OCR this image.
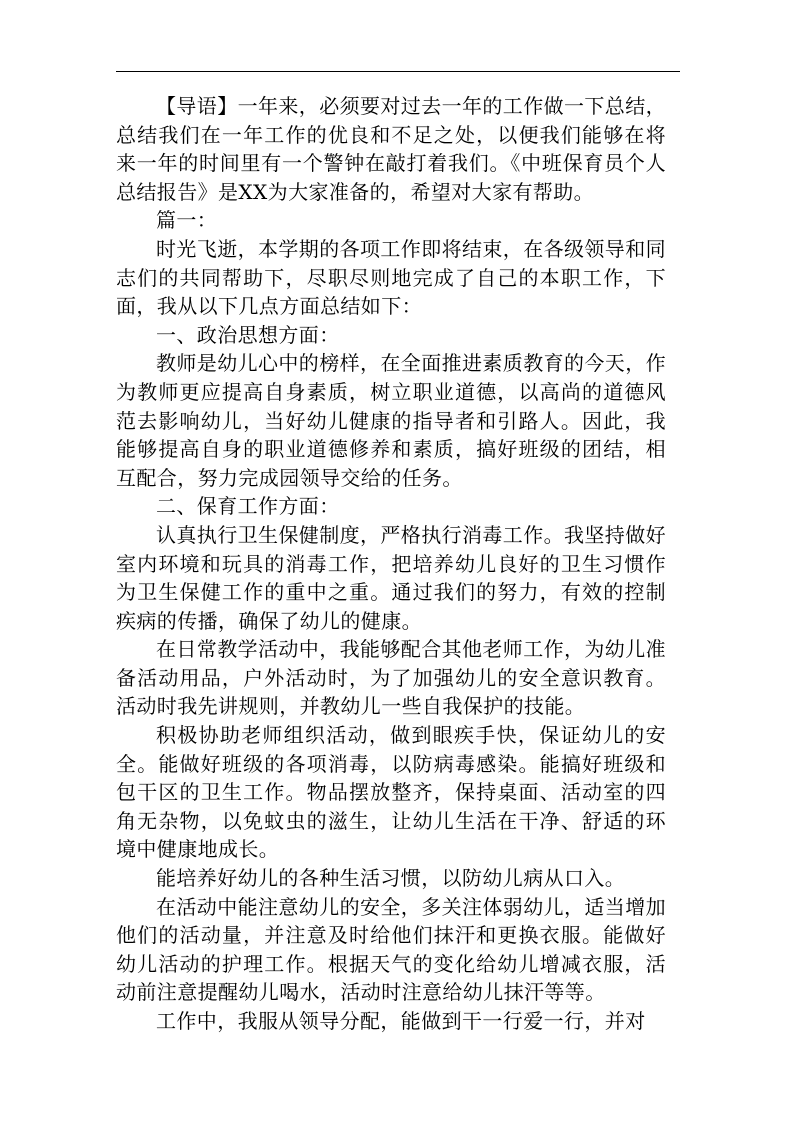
【导语】一年来，必须要对过去一年的工作做一下总结，总结我们在一年工作的优良和不足之处，以便我们能够在将来一年的时间里有一个警钟在敲打着我们。《中班保育员个人总结报告》是XX为大家准备的，希望对大家有帮助。

篇一：

时光飞逝，本学期的各项工作即将结束，在各级领导和同志们的共同帮助下，尽职尽则地完成了自己的本职工作，下面，我从以下几点方面总结如下：

一、政治思想方面：

教师是幼儿心中的榜样，在全面推进素质教育的今天，作为教师更应提高自身素质，树立职业道德，以高尚的道德风范去影响幼儿，当好幼儿健康的指导者和引路人。因此，我能够提高自身的职业道德修养和素质，搞好班级的团结，相互配合，努力完成园领导交给的任务。

二、保育工作方面：

认真执行卫生保健制度，严格执行消毒工作。我坚持做好室内环境和玩具的消毒工作，把培养幼儿良好的卫生习惯作为卫生保健工作的重中之重。通过我们的努力，有效的控制疾病的传播，确保了幼儿的健康。

在日常教学活动中，我能够配合其他老师工作，为幼儿准备活动用品，户外活动时，为了加强幼儿的安全意识教育。活动时我先讲规则，并教幼儿一些自我保护的技能。

积极协助老师组织活动，做到眼疾手快，保证幼儿的安全。能做好班级的各项消毒，以防病毒感染。能搞好班级和包干区的卫生工作。物品摆放整齐，保持桌面、活动室的四角无杂物，以免蚊虫的滋生，让幼儿生活在干净、舒适的环境中健康地成长。

能培养好幼儿的各种生活习惯，以防幼儿病从口入。

在活动中能注意幼儿的安全，多关注体弱幼儿，适当增加他们的活动量，并注意及时给他们抹汗和更换衣服。能做好幼儿活动的护理工作。根据天气的变化给幼儿增减衣服，活动前注意提醒幼儿喝水，活动时注意给幼儿抹汗等等。

工作中，我服从领导分配，能做到干一行爱一行，并对
